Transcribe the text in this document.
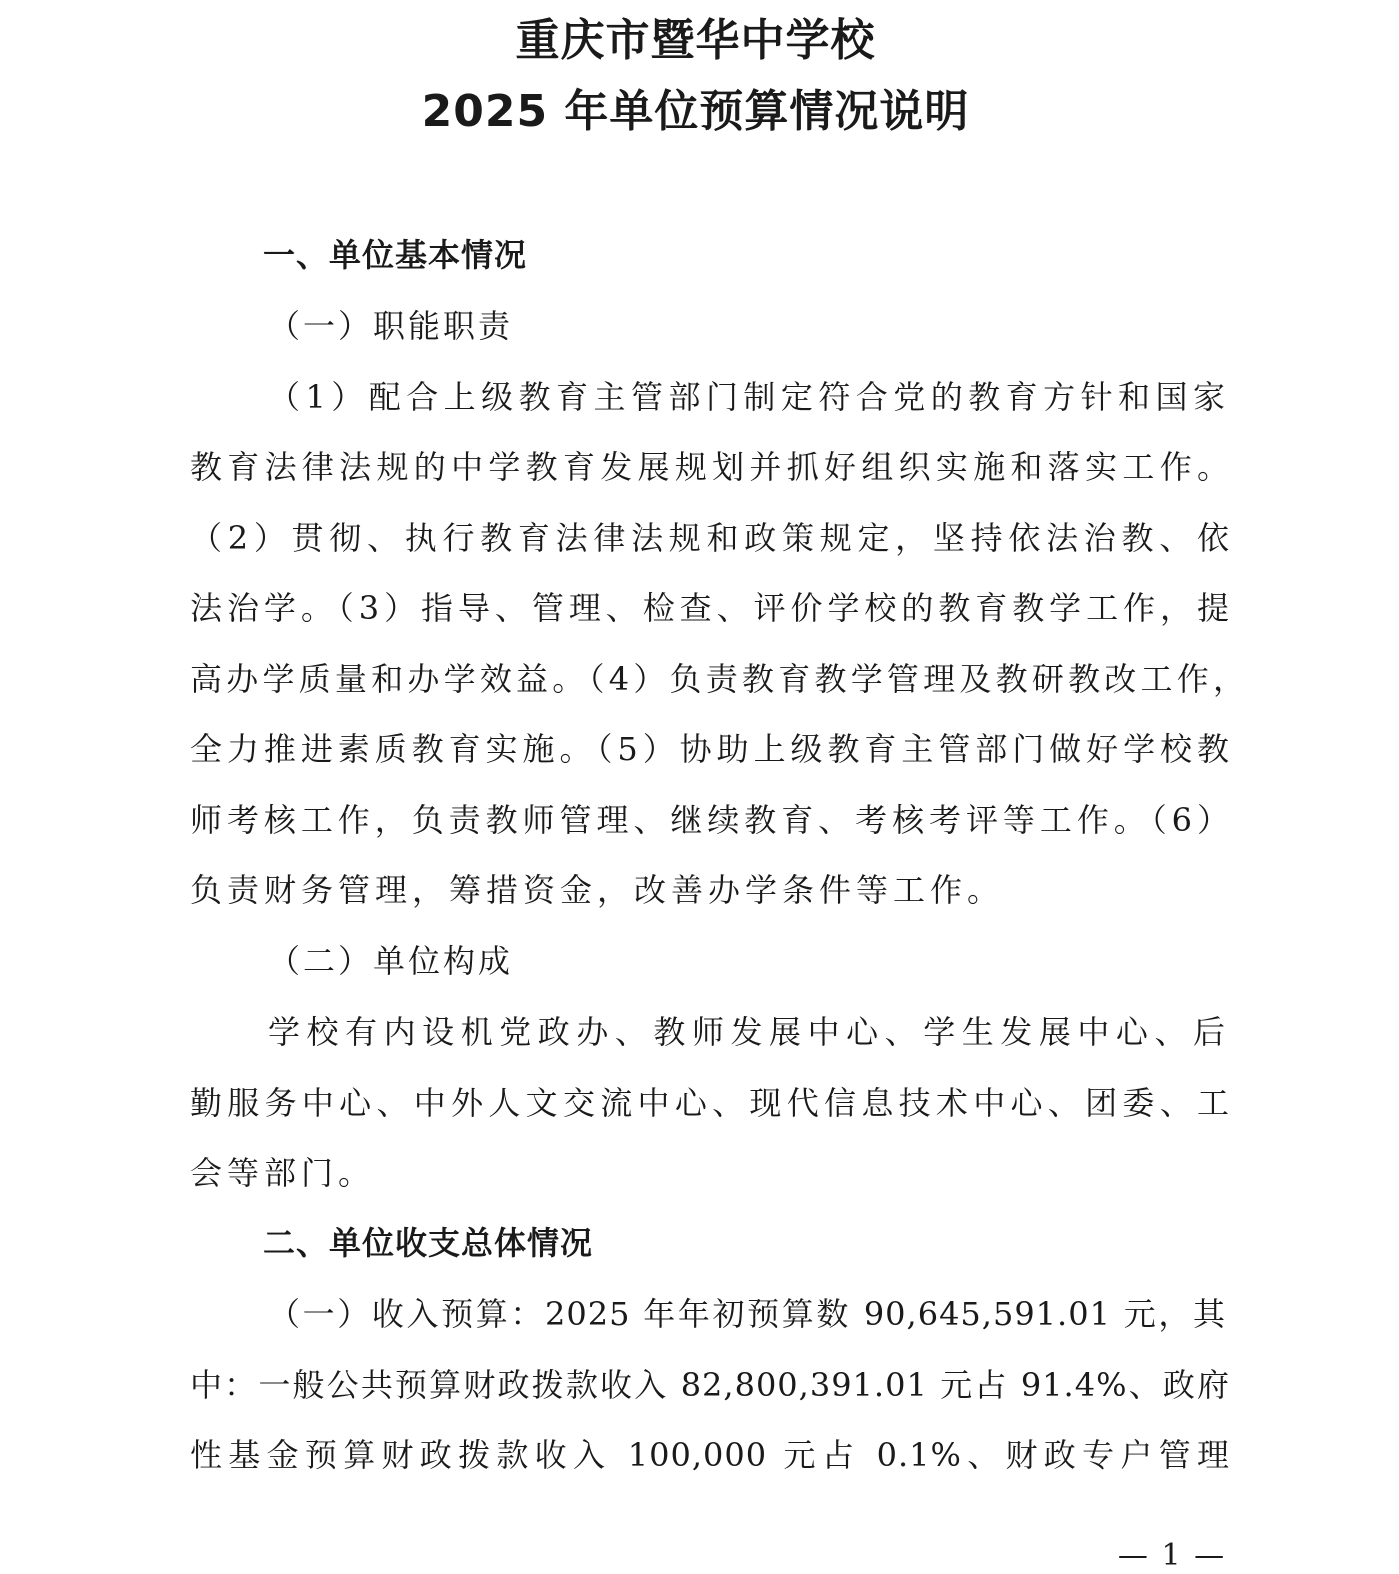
重庆市暨华中学校
2025 年单位预算情况说明
一、单位基本情况
（一）职能职责
（1）配合上级教育主管部门制定符合党的教育方针和国家
教育法律法规的中学教育发展规划并抓好组织实施和落实工作。
（2）贯彻、执行教育法律法规和政策规定，坚持依法治教、依
法治学。（3）指导、管理、检查、评价学校的教育教学工作，提
高办学质量和办学效益。（4）负责教育教学管理及教研教改工作，
全力推进素质教育实施。（5）协助上级教育主管部门做好学校教
师考核工作，负责教师管理、继续教育、考核考评等工作。（6）
负责财务管理，筹措资金，改善办学条件等工作。
（二）单位构成
学校有内设机党政办、教师发展中心、学生发展中心、后
勤服务中心、中外人文交流中心、现代信息技术中心、团委、工
会等部门。
二、单位收支总体情况
（一）收入预算：2025 年年初预算数 90,645,591.01 元，其
中：一般公共预算财政拨款收入 82,800,391.01 元占 91.4%、政府
性基金预算财政拨款收入 100,000 元占 0.1%、财政专户管理
— 1 —
